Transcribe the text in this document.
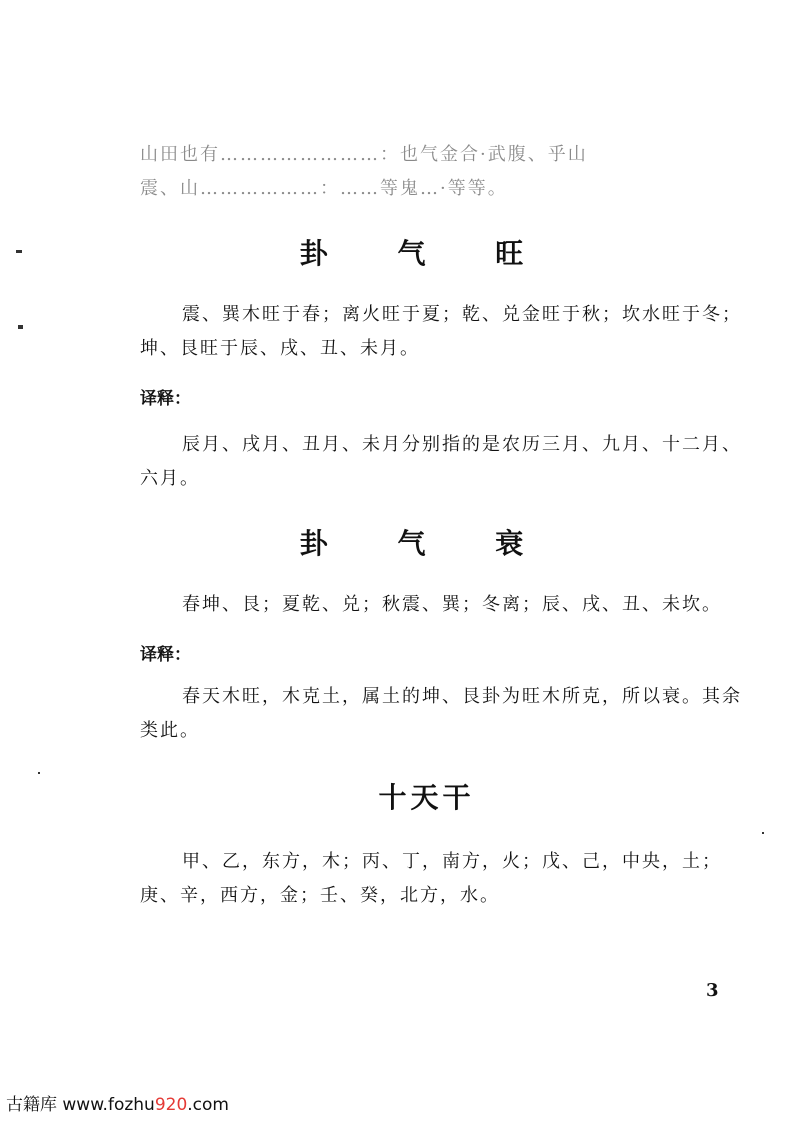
山田也有……………………：也气金合·武腹、乎山
震、山………………：……等鬼…·等等。

卦 气 旺

震、巽木旺于春；离火旺于夏；乾、兑金旺于秋；坎水旺于冬；坤、艮旺于辰、戌、丑、未月。

译释：

辰月、戌月、丑月、未月分别指的是农历三月、九月、十二月、六月。

卦 气 衰

春坤、艮；夏乾、兑；秋震、巽；冬离；辰、戌、丑、未坎。

译释：

春天木旺，木克土，属土的坤、艮卦为旺木所克，所以衰。其余类此。

十天干

甲、乙，东方，木；丙、丁，南方，火；戊、己，中央，土；庚、辛，西方，金；壬、癸，北方，水。

3
古籍库 www.fozhu920.com
